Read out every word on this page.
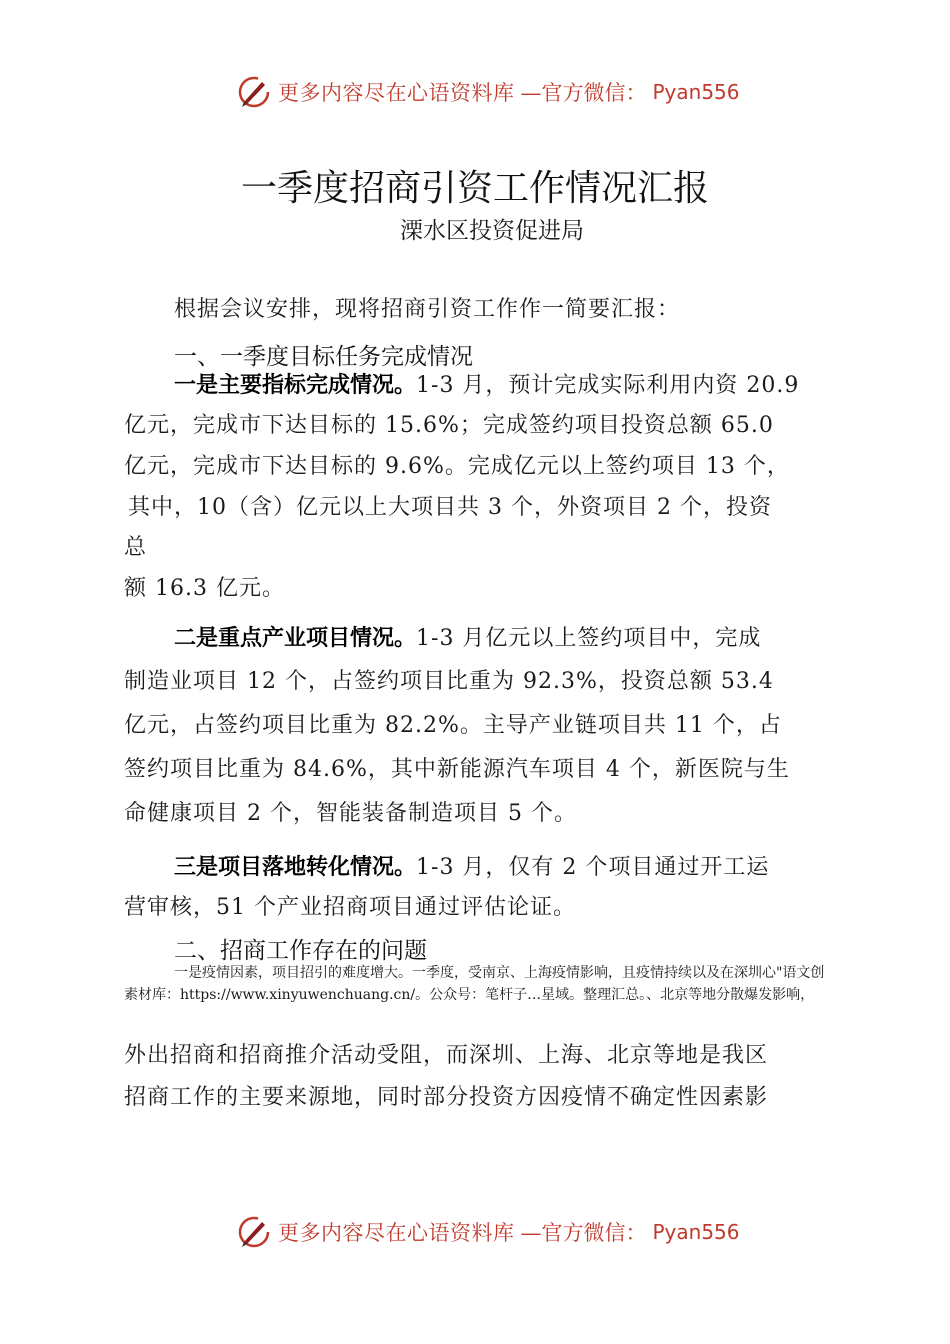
更多内容尽在心语资料库 —官方微信： Pyan556
一季度招商引资工作情况汇报
溧水区投资促进局
根据会议安排，现将招商引资工作作一简要汇报：
一、一季度目标任务完成情况
一是主要指标完成情况。1-3 月，预计完成实际利用内资 20.9
亿元，完成市下达目标的 15.6%；完成签约项目投资总额 65.0
亿元，完成市下达目标的 9.6%。完成亿元以上签约项目 13 个，
其中，10（含）亿元以上大项目共 3 个，外资项目 2 个，投资
总
额 16.3 亿元。
二是重点产业项目情况。1-3 月亿元以上签约项目中，完成
制造业项目 12 个，占签约项目比重为 92.3%，投资总额 53.4
亿元，占签约项目比重为 82.2%。主导产业链项目共 11 个，占
签约项目比重为 84.6%，其中新能源汽车项目 4 个，新医院与生
命健康项目 2 个，智能装备制造项目 5 个。
三是项目落地转化情况。1-3 月，仅有 2 个项目通过开工运
营审核，51 个产业招商项目通过评估论证。
二、招商工作存在的问题
一是疫情因素，项目招引的难度增大。一季度，受南京、上海疫情影响，且疫情持续以及在深圳心"语文创素材库：https://www.xinyuwenchuang.cn/。公众号：笔杆子…星域。整理汇总。、北京等地分散爆发影响，
外出招商和招商推介活动受阻，而深圳、上海、北京等地是我区
招商工作的主要来源地，同时部分投资方因疫情不确定性因素影
更多内容尽在心语资料库 —官方微信： Pyan556
